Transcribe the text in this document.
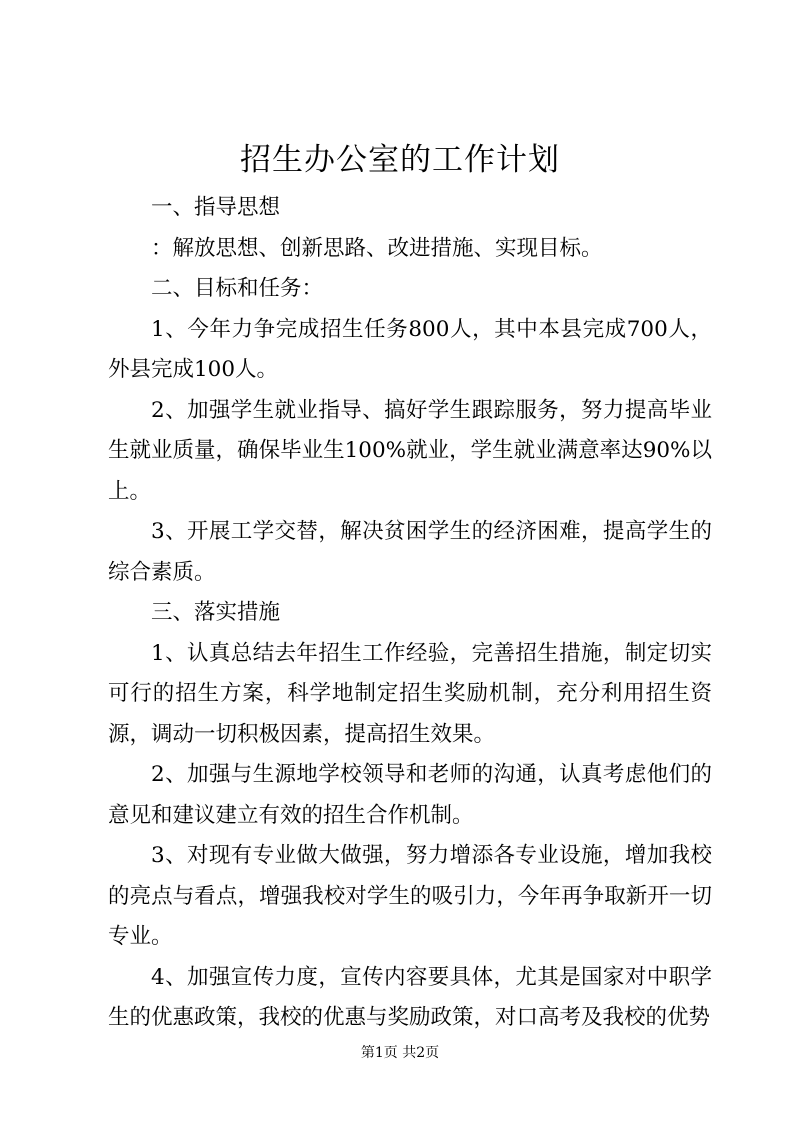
招生办公室的工作计划

一、指导思想

：解放思想、创新思路、改进措施、实现目标。

二、目标和任务：

1、今年力争完成招生任务800人，其中本县完成700人，外县完成100人。

2、加强学生就业指导、搞好学生跟踪服务，努力提高毕业生就业质量，确保毕业生100%就业，学生就业满意率达90%以上。

3、开展工学交替，解决贫困学生的经济困难，提高学生的综合素质。

三、落实措施

1、认真总结去年招生工作经验，完善招生措施，制定切实可行的招生方案，科学地制定招生奖励机制，充分利用招生资源，调动一切积极因素，提高招生效果。

2、加强与生源地学校领导和老师的沟通，认真考虑他们的意见和建议建立有效的招生合作机制。

3、对现有专业做大做强，努力增添各专业设施，增加我校的亮点与看点，增强我校对学生的吸引力，今年再争取新开一切专业。

4、加强宣传力度，宣传内容要具体，尤其是国家对中职学生的优惠政策，我校的优惠与奖励政策，对口高考及我校的优势

第1页 共2页
